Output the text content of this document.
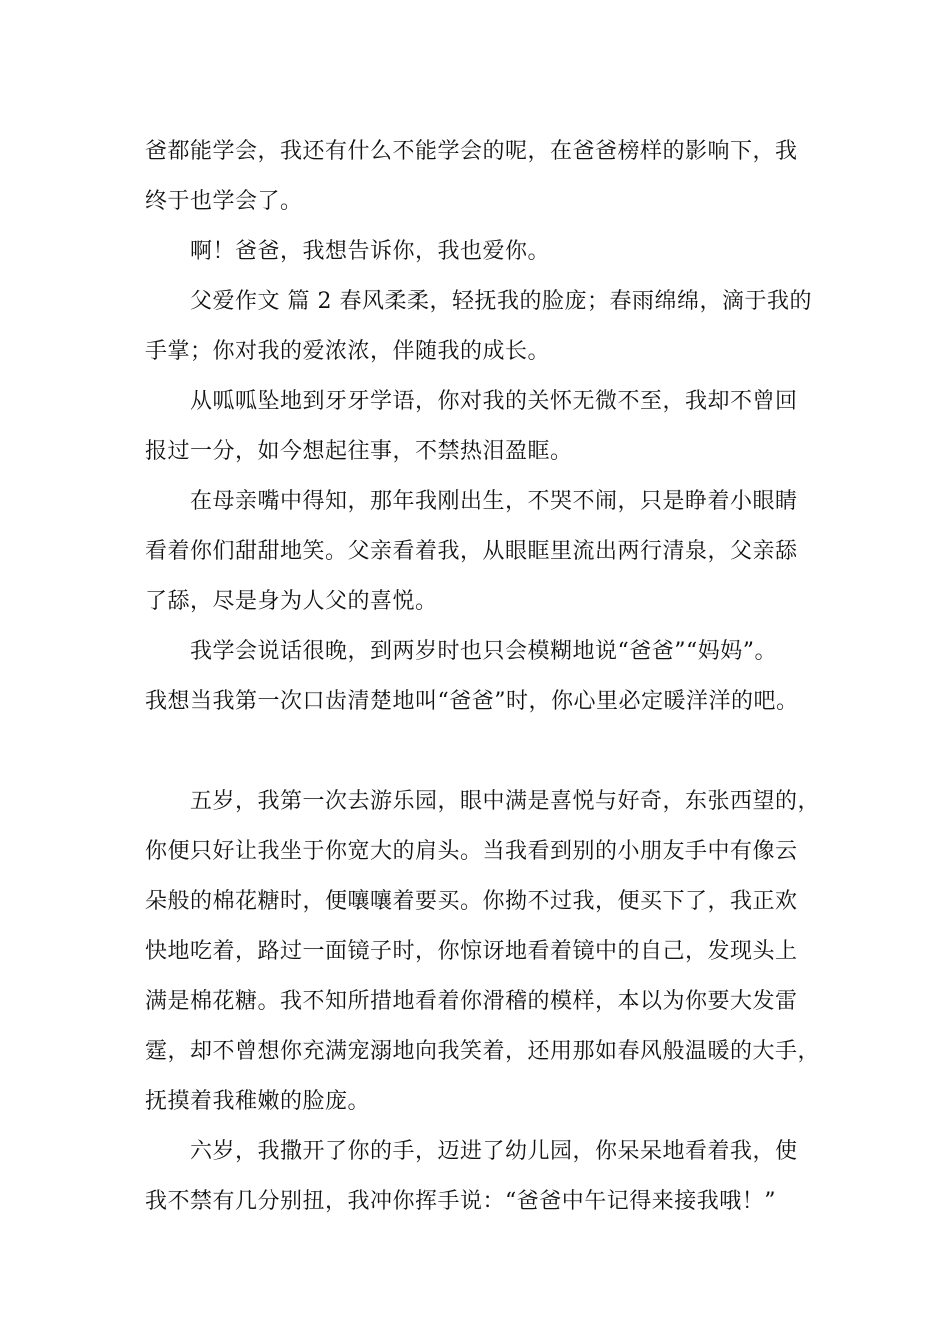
爸都能学会，我还有什么不能学会的呢，在爸爸榜样的影响下，我
终于也学会了。
啊！爸爸，我想告诉你，我也爱你。
父爱作文 篇 2 春风柔柔，轻抚我的脸庞；春雨绵绵，滴于我的
手掌；你对我的爱浓浓，伴随我的成长。
从呱呱坠地到牙牙学语，你对我的关怀无微不至，我却不曾回
报过一分，如今想起往事，不禁热泪盈眶。
在母亲嘴中得知，那年我刚出生，不哭不闹，只是睁着小眼睛
看着你们甜甜地笑。父亲看着我，从眼眶里流出两行清泉，父亲舔
了舔，尽是身为人父的喜悦。
我学会说话很晚，到两岁时也只会模糊地说“爸爸”“妈妈”。
我想当我第一次口齿清楚地叫“爸爸”时，你心里必定暖洋洋的吧。
五岁，我第一次去游乐园，眼中满是喜悦与好奇，东张西望的，
你便只好让我坐于你宽大的肩头。当我看到别的小朋友手中有像云
朵般的棉花糖时，便嚷嚷着要买。你拗不过我，便买下了，我正欢
快地吃着，路过一面镜子时，你惊讶地看着镜中的自己，发现头上
满是棉花糖。我不知所措地看着你滑稽的模样，本以为你要大发雷
霆，却不曾想你充满宠溺地向我笑着，还用那如春风般温暖的大手，
抚摸着我稚嫩的脸庞。
六岁，我撒开了你的手，迈进了幼儿园，你呆呆地看着我，使
我不禁有几分别扭，我冲你挥手说：“爸爸中午记得来接我哦！”
